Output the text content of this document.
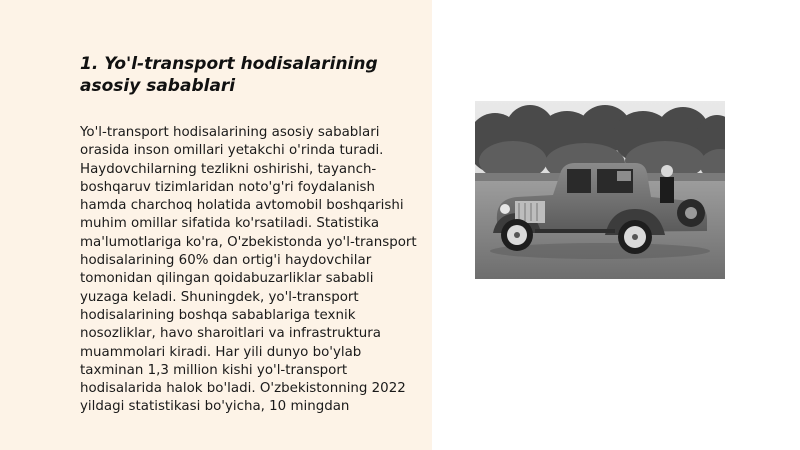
1. Yo'l-transport hodisalarining asosiy sabablari

Yo'l-transport hodisalarining asosiy sabablari orasida inson omillari yetakchi o'rinda turadi. Haydovchilarning tezlikni oshirishi, tayanch-boshqaruv tizimlaridan noto'g'ri foydalanish hamda charchoq holatida avtomobil boshqarishi muhim omillar sifatida ko'rsatiladi. Statistika ma'lumotlariga ko'ra, O'zbekistonda yo'l-transport hodisalarining 60% dan ortig'i haydovchilar tomonidan qilingan qoidabuzarliklar sababli yuzaga keladi. Shuningdek, yo'l-transport hodisalarining boshqa sabablariga texnik nosozliklar, havo sharoitlari va infrastruktura muammolari kiradi. Har yili dunyo bo'ylab taxminan 1,3 million kishi yo'l-transport hodisalarida halok bo'ladi. O'zbekistonning 2022 yildagi statistikasi bo'yicha, 10 mingdan
